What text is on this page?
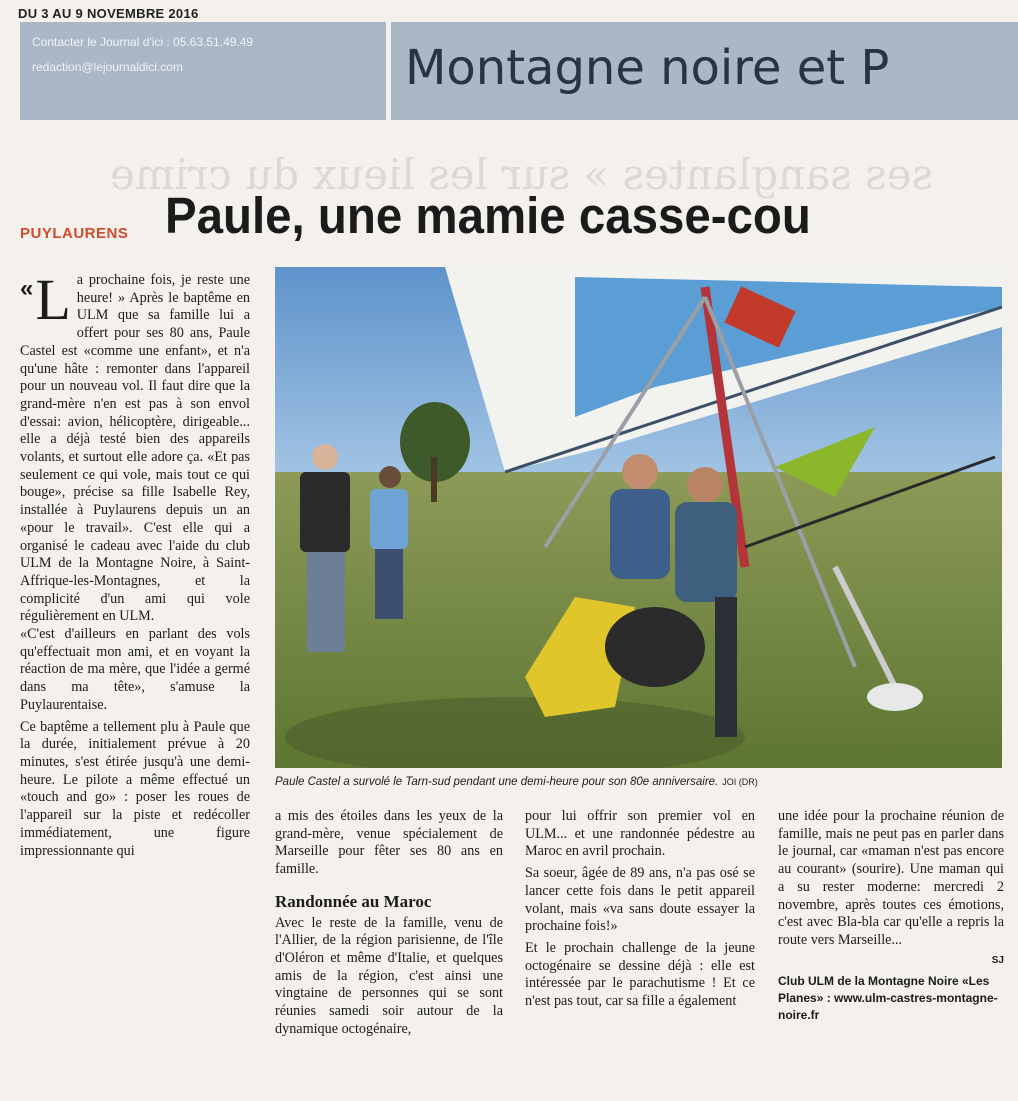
DU 3 AU 9 NOVEMBRE 2016
Contacter le Journal d'ici : 05.63.51.49.49
redaction@lejournaldici.com	Montagne noire et P
ses sanglantes » sur les lieux du crime
PUYLAURENS Paule, une mamie casse-cou
« L a prochaine fois, je reste une heure! » Après le baptême en ULM que sa famille lui a offert pour ses 80 ans, Paule Castel est «comme une enfant», et n'a qu'une hâte : remonter dans l'appareil pour un nouveau vol. Il faut dire que la grand-mère n'en est pas à son envol d'essai: avion, hélicoptère, dirigeable... elle a déjà testé bien des appareils volants, et surtout elle adore ça. «Et pas seulement ce qui vole, mais tout ce qui bouge», précise sa fille Isabelle Rey, installée à Puylaurens depuis un an «pour le travail». C'est elle qui a organisé le cadeau avec l'aide du club ULM de la Montagne Noire, à Saint-Affrique-les-Montagnes, et la complicité d'un ami qui vole régulièrement en ULM.

«C'est d'ailleurs en parlant des vols qu'effectuait mon ami, et en voyant la réaction de ma mère, que l'idée a germé dans ma tête», s'amuse la Puylaurentaise.

Ce baptême a tellement plu à Paule que la durée, initialement prévue à 20 minutes, s'est étirée jusqu'à une demi-heure. Le pilote a même effectué un «touch and go» : poser les roues de l'appareil sur la piste et redécoller immédiatement, une figure impressionnante qui

Paule Castel a survolé le Tarn-sud pendant une demi-heure pour son 80e anniversaire. JOI (DR)

a mis des étoiles dans les yeux de la grand-mère, venue spécialement de Marseille pour fêter ses 80 ans en famille.

Randonnée au Maroc

Avec le reste de la famille, venu de l'Allier, de la région parisienne, de l'île d'Oléron et même d'Italie, et quelques amis de la région, c'est ainsi une vingtaine de personnes qui se sont réunies samedi soir autour de la dynamique octogénaire,

pour lui offrir son premier vol en ULM... et une randonnée pédestre au Maroc en avril prochain.

Sa soeur, âgée de 89 ans, n'a pas osé se lancer cette fois dans le petit appareil volant, mais «va sans doute essayer la prochaine fois!»

Et le prochain challenge de la jeune octogénaire se dessine déjà : elle est intéressée par le parachutisme ! Et ce n'est pas tout, car sa fille a également

une idée pour la prochaine réunion de famille, mais ne peut pas en parler dans le journal, car «maman n'est pas encore au courant» (sourire). Une maman qui a su rester moderne: mercredi 2 novembre, après toutes ces émotions, c'est avec Bla-bla car qu'elle a repris la route vers Marseille...

SJ
Club ULM de la Montagne Noire «Les Planes» : www.ulm-castres-montagne-noire.fr
